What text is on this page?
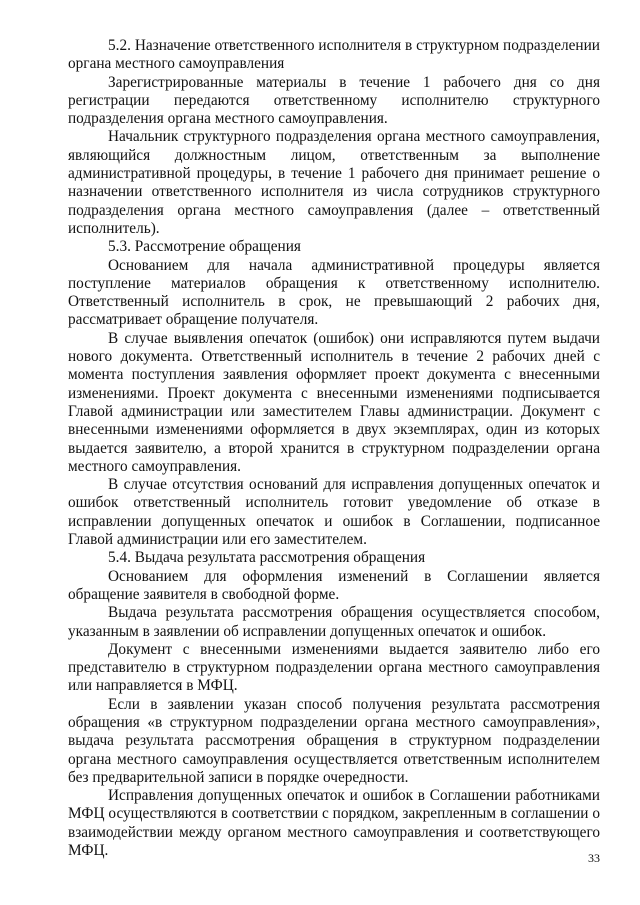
5.2. Назначение ответственного исполнителя в структурном подразделении органа местного самоуправления

Зарегистрированные материалы в течение 1 рабочего дня со дня регистрации передаются ответственному исполнителю структурного подразделения органа местного самоуправления.

Начальник структурного подразделения органа местного самоуправления, являющийся должностным лицом, ответственным за выполнение административной процедуры, в течение 1 рабочего дня принимает решение о назначении ответственного исполнителя из числа сотрудников структурного подразделения органа местного самоуправления (далее – ответственный исполнитель).

5.3. Рассмотрение обращения

Основанием для начала административной процедуры является поступление материалов обращения к ответственному исполнителю. Ответственный исполнитель в срок, не превышающий 2 рабочих дня, рассматривает обращение получателя.

В случае выявления опечаток (ошибок) они исправляются путем выдачи нового документа. Ответственный исполнитель в течение 2 рабочих дней с момента поступления заявления оформляет проект документа с внесенными изменениями. Проект документа с внесенными изменениями подписывается Главой администрации или заместителем Главы администрации. Документ с внесенными изменениями оформляется в двух экземплярах, один из которых выдается заявителю, а второй хранится в структурном подразделении органа местного самоуправления.

В случае отсутствия оснований для исправления допущенных опечаток и ошибок ответственный исполнитель готовит уведомление об отказе в исправлении допущенных опечаток и ошибок в Соглашении, подписанное Главой администрации или его заместителем.

5.4. Выдача результата рассмотрения обращения

Основанием для оформления изменений в Соглашении является обращение заявителя в свободной форме.

Выдача результата рассмотрения обращения осуществляется способом, указанным в заявлении об исправлении допущенных опечаток и ошибок.

Документ с внесенными изменениями выдается заявителю либо его представителю в структурном подразделении органа местного самоуправления или направляется в МФЦ.

Если в заявлении указан способ получения результата рассмотрения обращения «в структурном подразделении органа местного самоуправления», выдача результата рассмотрения обращения в структурном подразделении органа местного самоуправления осуществляется ответственным исполнителем без предварительной записи в порядке очередности.

Исправления допущенных опечаток и ошибок в Соглашении работниками МФЦ осуществляются в соответствии с порядком, закрепленным в соглашении о взаимодействии между органом местного самоуправления и соответствующего МФЦ.	33
